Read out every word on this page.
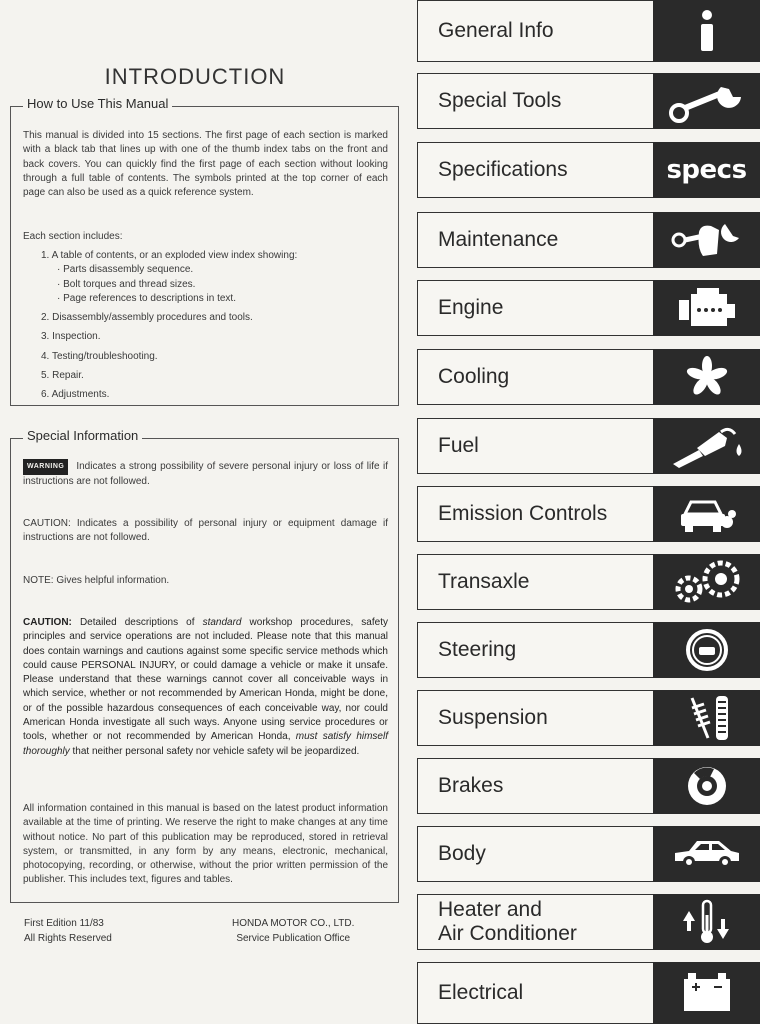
INTRODUCTION
How to Use This Manual

This manual is divided into 15 sections. The first page of each section is marked with a black tab that lines up with one of the thumb index tabs on the front and back covers. You can quickly find the first page of each section without looking through a full table of contents. The symbols printed at the top corner of each page can also be used as a quick reference system.

Each section includes:

1. A table of contents, or an exploded view index showing:
· Parts disassembly sequence.
· Bolt torques and thread sizes.
· Page references to descriptions in text.
2. Disassembly/assembly procedures and tools.
3. Inspection.
4. Testing/troubleshooting.
5. Repair.
6. Adjustments.
Special Information

WARNING Indicates a strong possibility of severe personal injury or loss of life if instructions are not followed.

CAUTION: Indicates a possibility of personal injury or equipment damage if instructions are not followed.

NOTE: Gives helpful information.

CAUTION: Detailed descriptions of standard workshop procedures, safety principles and service operations are not included. Please note that this manual does contain warnings and cautions against some specific service methods which could cause PERSONAL INJURY, or could damage a vehicle or make it unsafe. Please understand that these warnings cannot cover all conceivable ways in which service, whether or not recommended by American Honda, might be done, or of the possible hazardous consequences of each conceivable way, nor could American Honda investigate all such ways. Anyone using service procedures or tools, whether or not recommended by American Honda, must satisfy himself thoroughly that neither personal safety nor vehicle safety wil be jeopardized.

All information contained in this manual is based on the latest product information available at the time of printing. We reserve the right to make changes at any time without notice. No part of this publication may be reproduced, stored in retrieval system, or transmitted, in any form by any means, electronic, mechanical, photocopying, recording, or otherwise, without the prior written permission of the publisher. This includes text, figures and tables.

First Edition 11/83
All Rights Reserved
HONDA MOTOR CO., LTD.
Service Publication Office
General Info
Special Tools
Specifications	specs
Maintenance
Engine
Cooling
Fuel
Emission Controls
Transaxle
Steering
Suspension
Brakes
Body
Heater and
Air Conditioner
Electrical
